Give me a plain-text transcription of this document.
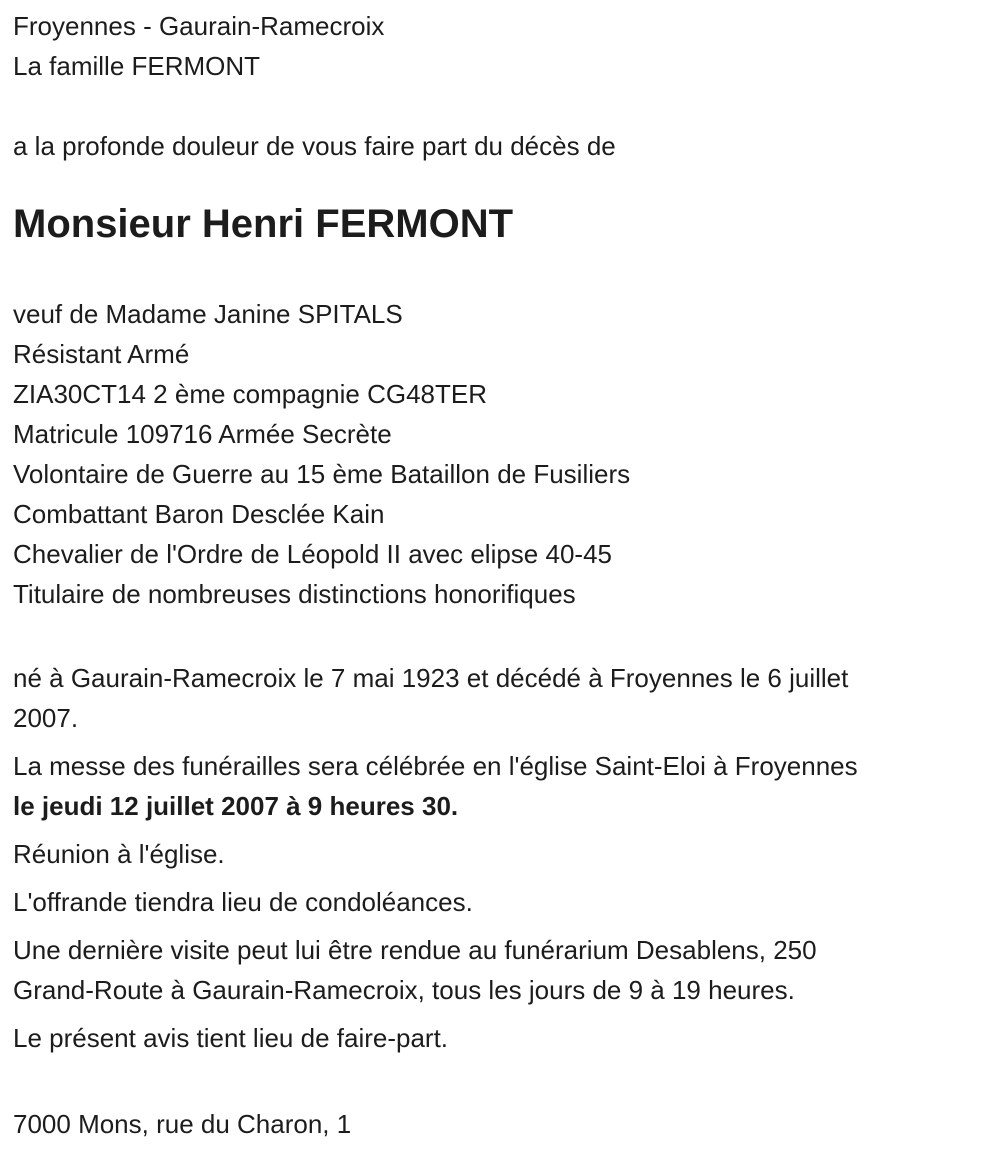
Froyennes - Gaurain-Ramecroix
La famille FERMONT
a la profonde douleur de vous faire part du décès de
Monsieur Henri FERMONT
veuf de Madame Janine SPITALS
Résistant Armé
ZIA30CT14 2 ème compagnie CG48TER
Matricule 109716 Armée Secrète
Volontaire de Guerre au 15 ème Bataillon de Fusiliers
Combattant Baron Desclée Kain
Chevalier de l'Ordre de Léopold II avec elipse 40-45
Titulaire de nombreuses distinctions honorifiques
né à Gaurain-Ramecroix le 7 mai 1923 et décédé à Froyennes le 6 juillet
2007.
La messe des funérailles sera célébrée en l'église Saint-Eloi à Froyennes
le jeudi 12 juillet 2007 à 9 heures 30.
Réunion à l'église.
L'offrande tiendra lieu de condoléances.
Une dernière visite peut lui être rendue au funérarium Desablens, 250
Grand-Route à Gaurain-Ramecroix, tous les jours de 9 à 19 heures.
Le présent avis tient lieu de faire-part.
7000 Mons, rue du Charon, 1
